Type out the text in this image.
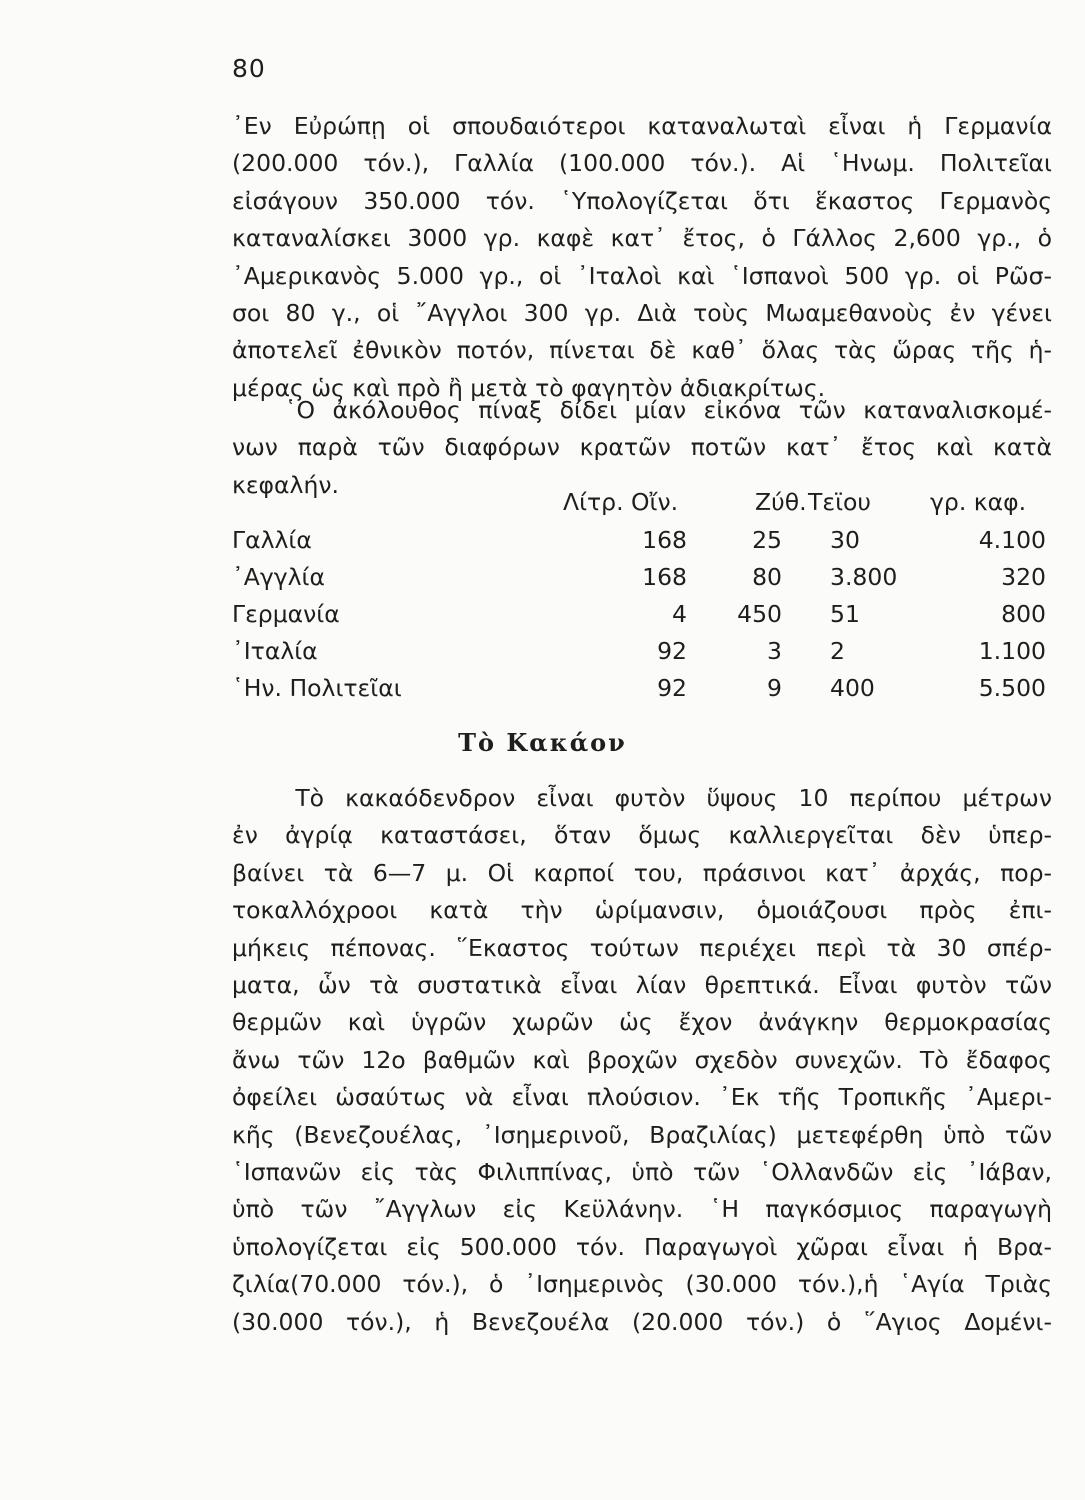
80
᾿Εν Εὐρώπῃ οἱ σπουδαιότεροι καταναλωταὶ εἶναι ἡ Γερμανία
(200.000 τόν.), Γαλλία (100.000 τόν.). Αἱ ῾Ηνωμ. Πολιτεῖαι
εἰσάγουν 350.000 τόν. ῾Υπολογίζεται ὅτι ἕκαστος Γερμανὸς
καταναλίσκει 3000 γρ. καφὲ κατ᾿ ἔτος, ὁ Γάλλος 2,600 γρ., ὁ
᾿Αμερικανὸς 5.000 γρ., οἱ ᾿Ιταλοὶ καὶ ῾Ισπανοὶ 500 γρ. οἱ Ρῶσ-
σοι 80 γ., οἱ ῎Αγγλοι 300 γρ. Διὰ τοὺς Μωαμεθανοὺς ἐν γένει
ἀποτελεῖ ἐθνικὸν ποτόν, πίνεται δὲ καθ᾿ ὅλας τὰς ὥρας τῆς ἡ-
μέρας ὡς καὶ πρὸ ἢ μετὰ τὸ φαγητὸν ἀδιακρίτως.
῾Ο ἀκόλουθος πίναξ δίδει μίαν εἰκόνα τῶν καταναλισκομέ-
νων παρὰ τῶν διαφόρων κρατῶν ποτῶν κατ᾿ ἔτος καὶ κατὰ
κεφαλήν.
Λίτρ. Οἴν.	Ζύθ. Τεϊου	γρ. καφ.
Γαλλία	168	25 30	4.100
᾿Αγγλία	168	80 3.800	320
Γερμανία	4 450 51	800
᾿Ιταλία	92	3 2	1.100
῾Ην. Πολιτεῖαι	92	9 400	5.500
Τὸ Κακάον
Τὸ κακαόδενδρον εἶναι φυτὸν ὕψους 10 περίπου μέτρων
ἐν ἀγρίᾳ καταστάσει, ὅταν ὅμως καλλιεργεῖται δὲν ὑπερ-
βαίνει τὰ 6—7 μ. Οἱ καρποί του, πράσινοι κατ᾿ ἀρχάς, πορ-
τοκαλλόχροοι κατὰ τὴν ὡρίμανσιν, ὁμοιάζουσι πρὸς ἐπι-
μήκεις πέπονας. ῞Εκαστος τούτων περιέχει περὶ τὰ 30 σπέρ-
ματα, ὧν τὰ συστατικὰ εἶναι λίαν θρεπτικά. Εἶναι φυτὸν τῶν
θερμῶν καὶ ὑγρῶν χωρῶν ὡς ἔχον ἀνάγκην θερμοκρασίας
ἄνω τῶν 12ο βαθμῶν καὶ βροχῶν σχεδὸν συνεχῶν. Τὸ ἔδαφος
ὀφείλει ὡσαύτως νὰ εἶναι πλούσιον. ᾿Εκ τῆς Τροπικῆς ᾿Αμερι-
κῆς (Βενεζουέλας, ᾿Ισημερινοῦ, Βραζιλίας) μετεφέρθη ὑπὸ τῶν
῾Ισπανῶν εἰς τὰς Φιλιππίνας, ὑπὸ τῶν ῾Ολλανδῶν εἰς ᾿Ιάβαν,
ὑπὸ τῶν ῎Αγγλων εἰς Κεϋλάνην. ῾Η παγκόσμιος παραγωγὴ
ὑπολογίζεται εἰς 500.000 τόν. Παραγωγοὶ χῶραι εἶναι ἡ Βρα-
ζιλία(70.000 τόν.), ὁ ᾿Ισημερινὸς (30.000 τόν.),ἡ ῾Αγία Τριὰς
(30.000 τόν.), ἡ Βενεζουέλα (20.000 τόν.) ὁ ῞Αγιος Δομένι-
